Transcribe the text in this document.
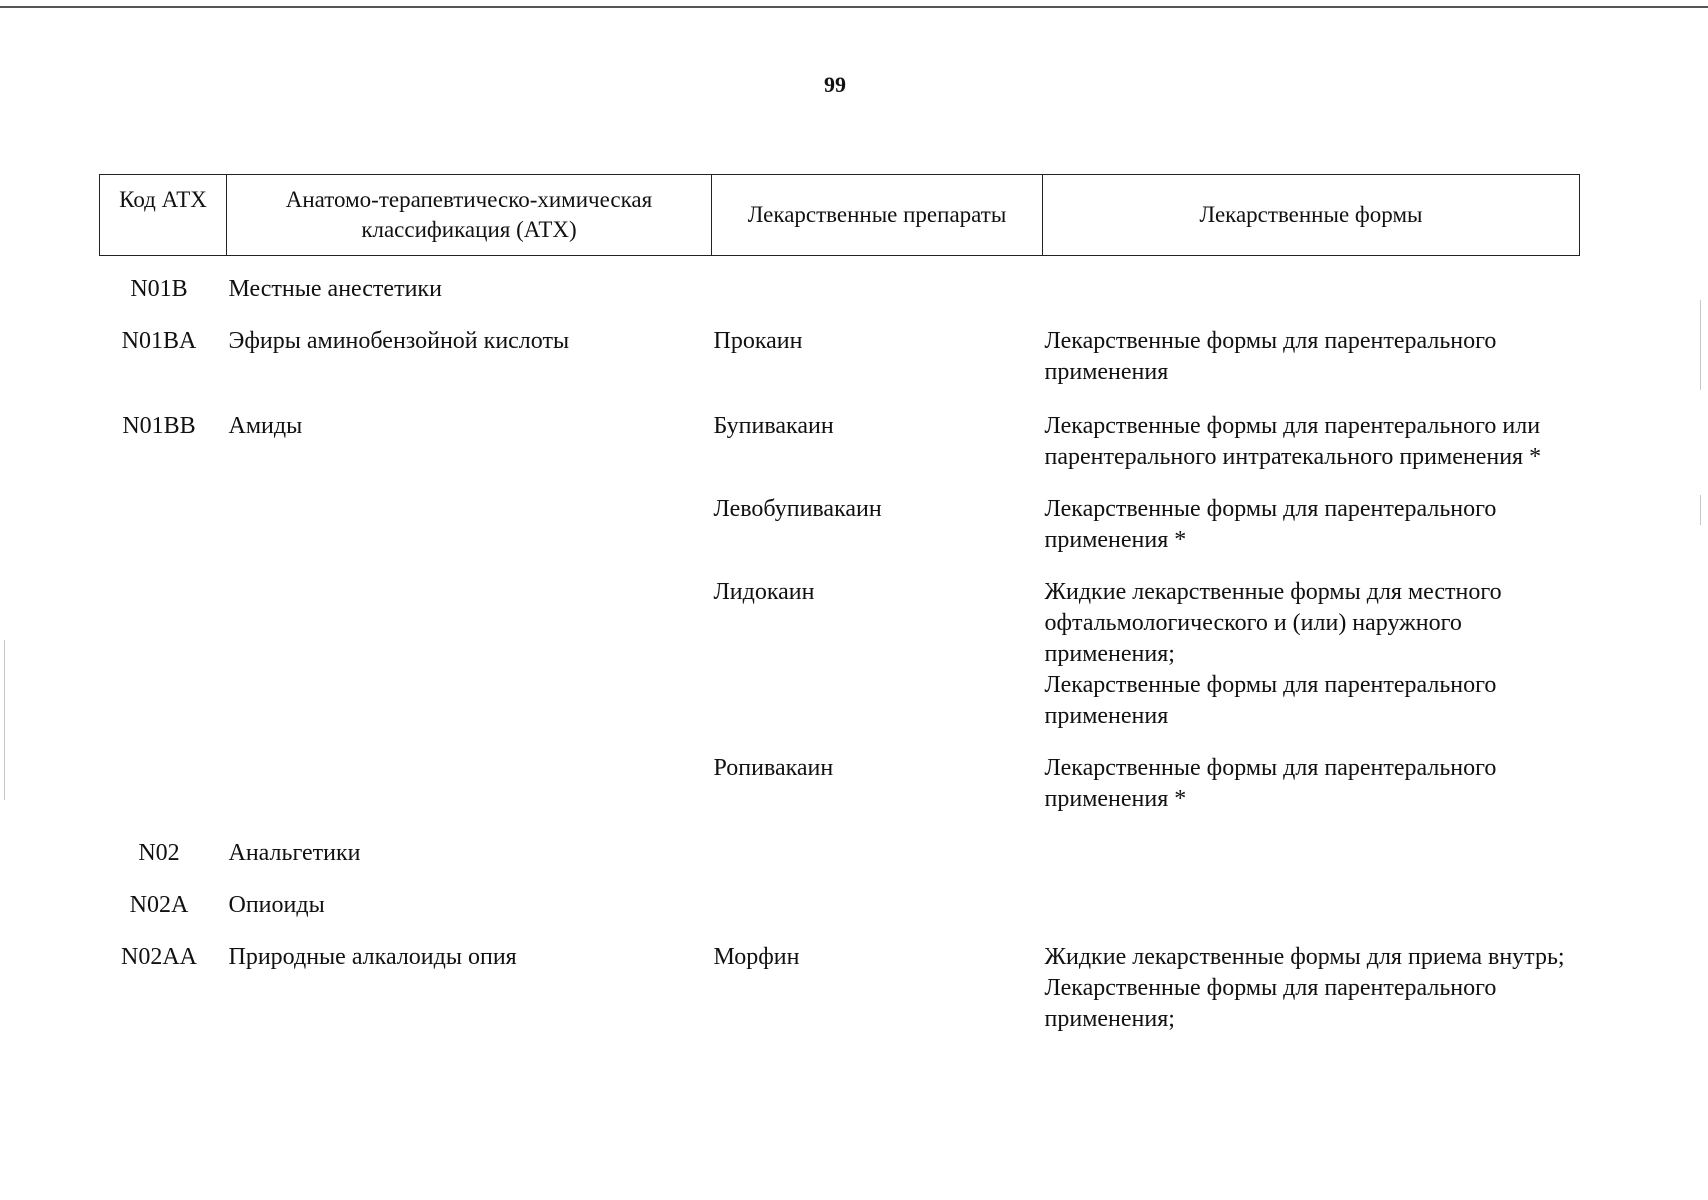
99
Код АТХ	Анатомо-терапевтическо-химическая классификация (АТХ)	Лекарственные препараты	Лекарственные формы
N01B	Местные анестетики		
N01BA	Эфиры аминобензойной кислоты	Прокаин	Лекарственные формы для парентерального применения

N01BB	Амиды	Бупивакаин	Лекарственные формы для парентерального или парентерального интратекального применения *

		Левобупивакаин	Лекарственные формы для парентерального применения *

		Лидокаин	Жидкие лекарственные формы для местного офтальмологического и (или) наружного применения;
Лекарственные формы для парентерального применения

		Ропивакаин	Лекарственные формы для парентерального применения *

N02	Анальгетики		
N02A	Опиоиды		
N02AA	Природные алкалоиды опия	Морфин	Жидкие лекарственные формы для приема внутрь;
Лекарственные формы для парентерального применения;
